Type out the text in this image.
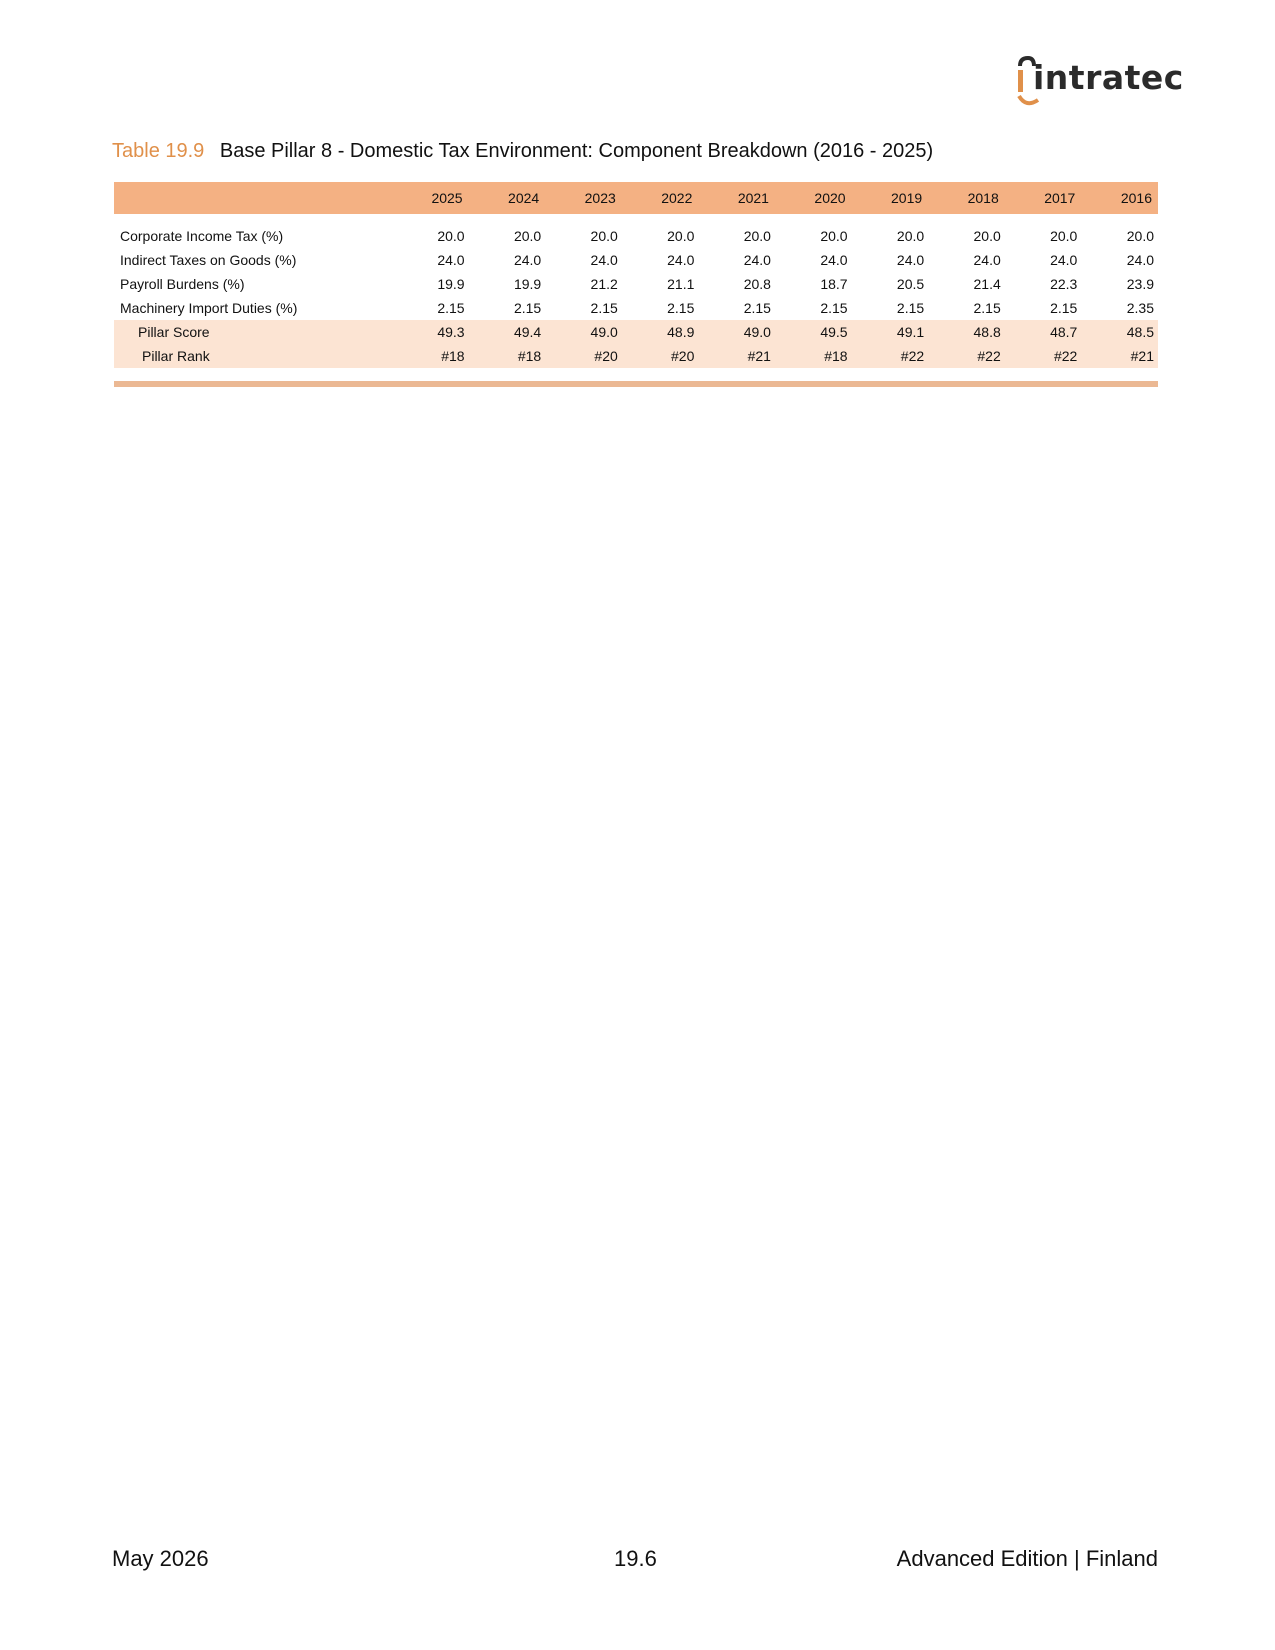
intratec
Table 19.9 Base Pillar 8 - Domestic Tax Environment: Component Breakdown (2016 - 2025)
	2025	2024	2023	2022	2021	2020	2019	2018	2017	2016

Corporate Income Tax (%)	20.0	20.0	20.0	20.0	20.0	20.0	20.0	20.0	20.0	20.0
Indirect Taxes on Goods (%)	24.0	24.0	24.0	24.0	24.0	24.0	24.0	24.0	24.0	24.0
Payroll Burdens (%)	19.9	19.9	21.2	21.1	20.8	18.7	20.5	21.4	22.3	23.9
Machinery Import Duties (%)	2.15	2.15	2.15	2.15	2.15	2.15	2.15	2.15	2.15	2.35
Pillar Score	49.3	49.4	49.0	48.9	49.0	49.5	49.1	48.8	48.7	48.5
Pillar Rank	#18	#18	#20	#20	#21	#18	#22	#22	#22	#21
May 2026	19.6	Advanced Edition | Finland
